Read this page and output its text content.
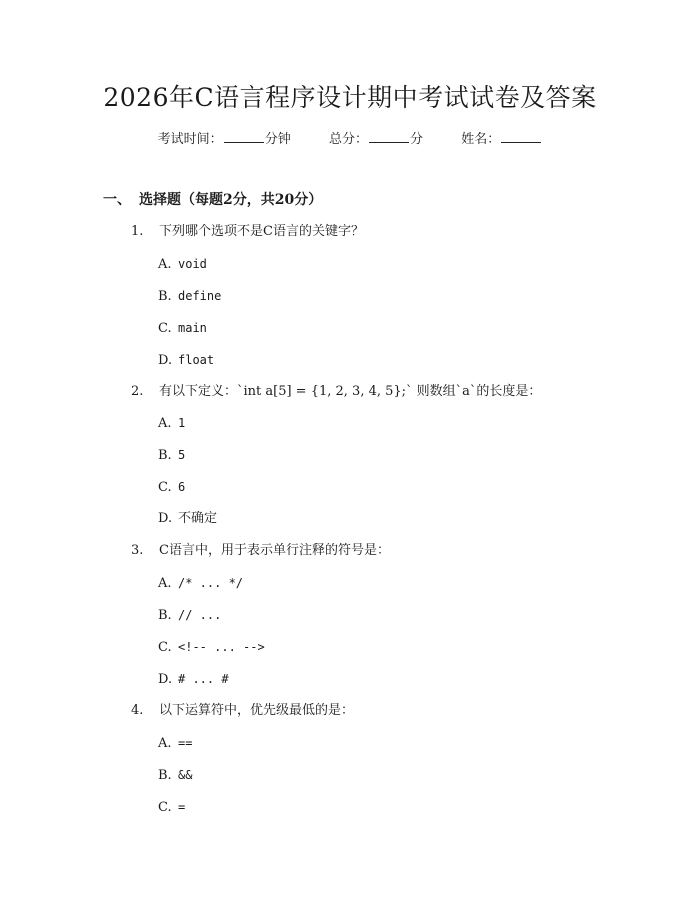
2026年C语言程序设计期中考试试卷及答案
考试时间：	分钟	总分：	分	姓名：
一、 选择题（每题2分，共20分）
1. 下列哪个选项不是C语言的关键字？
A. void
B. define
C. main
D. float
2. 有以下定义：`int a[5] = {1, 2, 3, 4, 5};` 则数组`a`的长度是：
A. 1
B. 5
C. 6
D. 不确定
3. C语言中，用于表示单行注释的符号是：
A. /* ... */
B. // ...
C. <!-- ... -->
D. # ... #
4. 以下运算符中，优先级最低的是：
A. ==
B. &&
C. =
